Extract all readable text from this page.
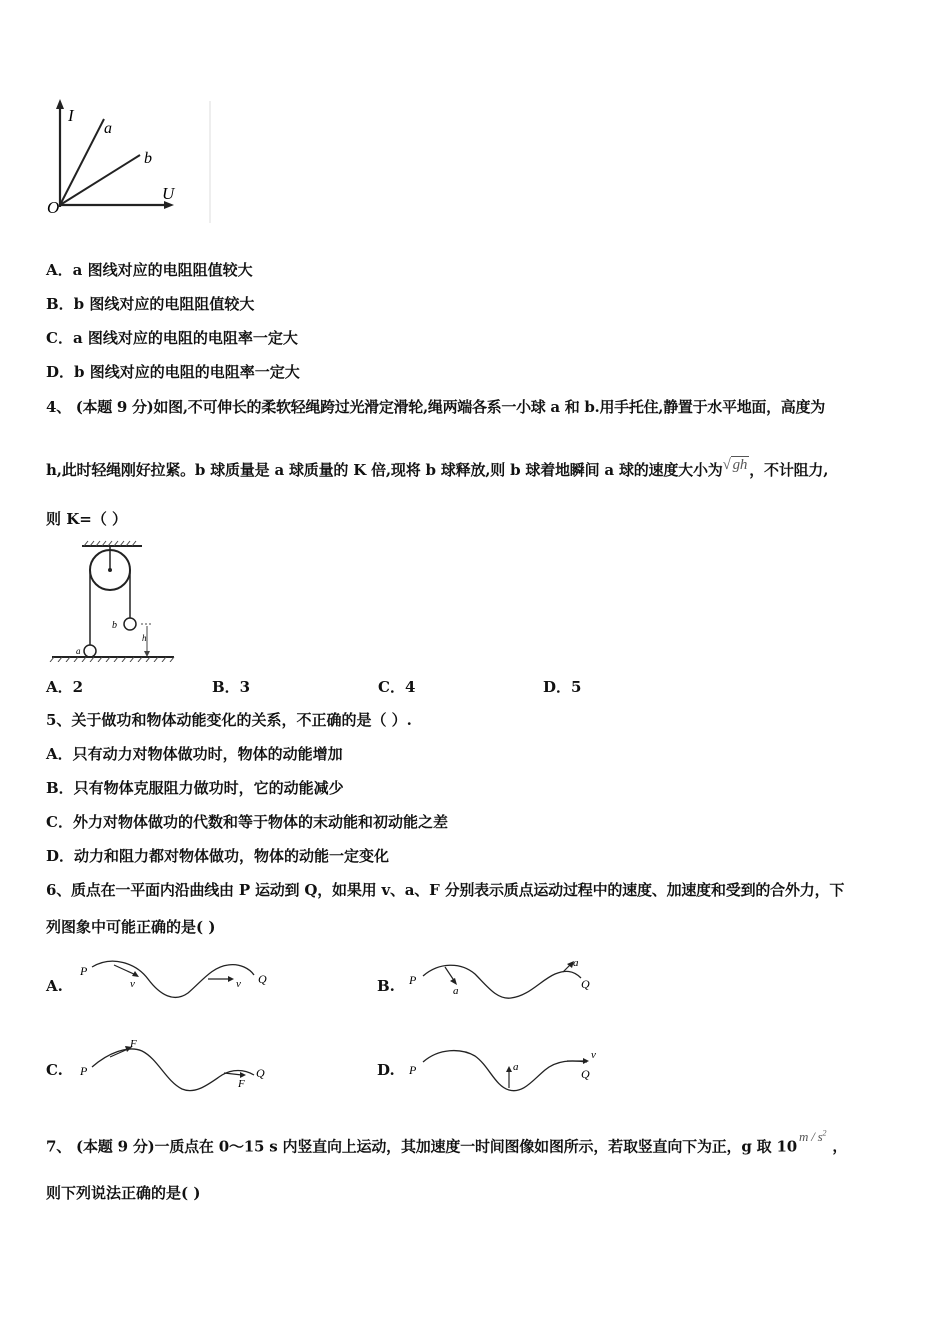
I
a
b
O
U
A．a 图线对应的电阻阻值较大
B．b 图线对应的电阻阻值较大
C．a 图线对应的电阻的电阻率一定大
D．b 图线对应的电阻的电阻率一定大
4、 (本题 9 分)如图,不可伸长的柔软轻绳跨过光滑定滑轮,绳两端各系一小球 a 和 b.用手托住,静置于水平地面，高度为
h,此时轻绳刚好拉紧。b 球质量是 a 球质量的 K 倍,现将 b 球释放,则 b 球着地瞬间 a 球的速度大小为√ gh ，不计阻力,
则 K=（ ）
b
a
h
A．2	B．3	C．4	D．5
5、关于做功和物体动能变化的关系，不正确的是（ ）.
A．只有动力对物体做功时，物体的动能增加
B．只有物体克服阻力做功时，它的动能减少
C．外力对物体做功的代数和等于物体的末动能和初动能之差
D．动力和阻力都对物体做功，物体的动能一定变化
6、质点在一平面内沿曲线由 P 运动到 Q，如果用 v、a、F 分别表示质点运动过程中的速度、加速度和受到的合外力，下
列图象中可能正确的是( )
A.	B.
C.	D.
P
v	v Q	P
a
a
Q
P
F
F
Q	P	a
v
Q
7、 (本题 9 分)一质点在 0～15 s 内竖直向上运动，其加速度一时间图像如图所示，若取竖直向下为正，g 取 $10m / s^2$，
则下列说法正确的是( )
